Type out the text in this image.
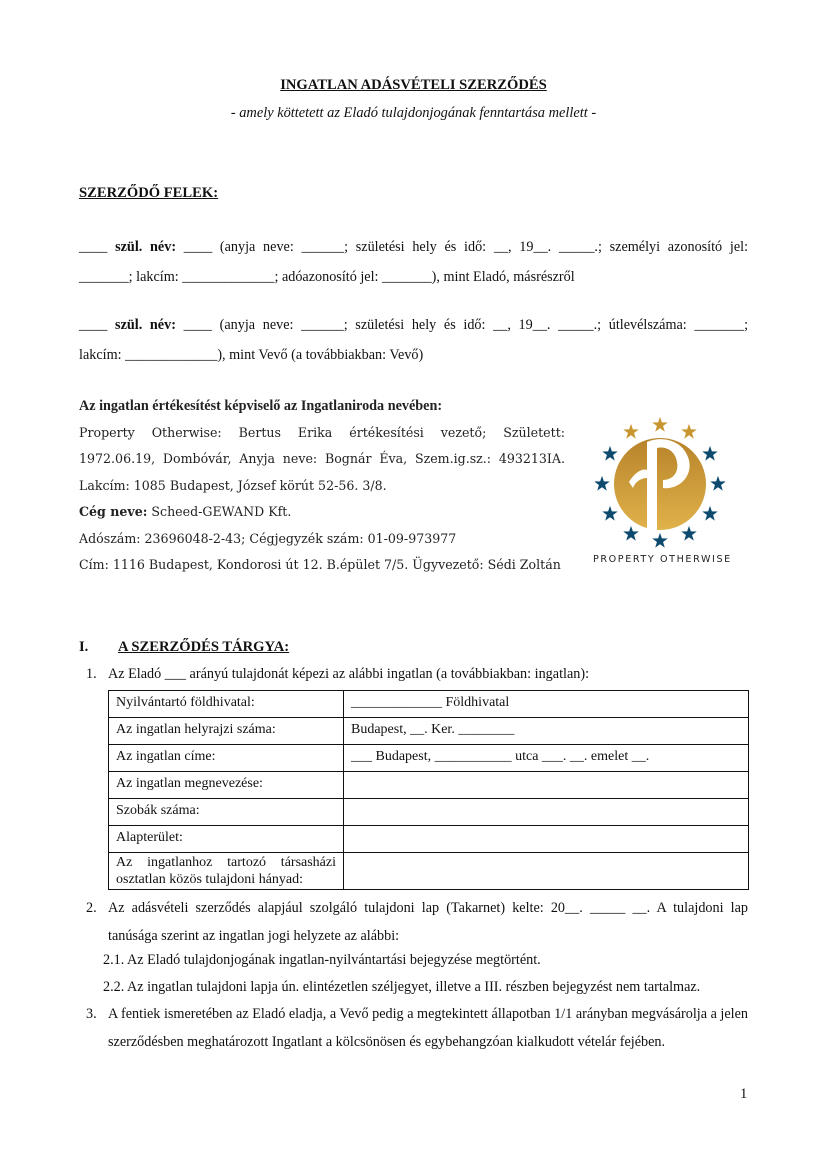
INGATLAN ADÁSVÉTELI SZERZŐDÉS
- amely köttetett az Eladó tulajdonjogának fenntartása mellett -
SZERZŐDŐ FELEK:
____ szül. név: ____ (anyja neve: ______; születési hely és idő: __, 19__. _____.; személyi azonosító jel:
_______; lakcím: _____________; adóazonosító jel: _______), mint Eladó, másrészről
____ szül. név: ____ (anyja neve: ______; születési hely és idő: __, 19__. _____.; útlevélszáma: _______;
lakcím: _____________), mint Vevő (a továbbiakban: Vevő)
Az ingatlan értékesítést képviselő az Ingatlaniroda nevében:
Property Otherwise: Bertus Erika értékesítési vezető; Született:
1972.06.19, Dombóvár, Anyja neve: Bognár Éva, Szem.ig.sz.: 493213IA.
Lakcím: 1085 Budapest, József körút 52-56. 3/8.
Cég neve: Scheed-GEWAND Kft.
Adószám: 23696048-2-43; Cégjegyzék szám: 01-09-973977
Cím: 1116 Budapest, Kondorosi út 12. B.épület 7/5. Ügyvezető: Sédi Zoltán	PROPERTY OTHERWISE
I. A SZERZŐDÉS TÁRGYA:
1. Az Eladó ___ arányú tulajdonát képezi az alábbi ingatlan (a továbbiakban: ingatlan):
Nyilvántartó földhivatal:	_____________ Földhivatal
Az ingatlan helyrajzi száma:	Budapest, __. Ker. ________
Az ingatlan címe:	___ Budapest, ___________ utca ___. __. emelet __.
Az ingatlan megnevezése:	
Szobák száma:	
Alapterület:	
Az ingatlanhoz tartozó társasházi osztatlan közös tulajdoni hányad:	
2. Az adásvételi szerződés alapjául szolgáló tulajdoni lap (Takarnet) kelte: 20__. _____ __. A tulajdoni lap tanúsága szerint az ingatlan jogi helyzete az alábbi:
2.1. Az Eladó tulajdonjogának ingatlan-nyilvántartási bejegyzése megtörtént.
2.2. Az ingatlan tulajdoni lapja ún. elintézetlen széljegyet, illetve a III. részben bejegyzést nem tartalmaz.
3. A fentiek ismeretében az Eladó eladja, a Vevő pedig a megtekintett állapotban 1/1 arányban megvásárolja a jelen szerződésben meghatározott Ingatlant a kölcsönösen és egybehangzóan kialkudott vételár fejében.
1
